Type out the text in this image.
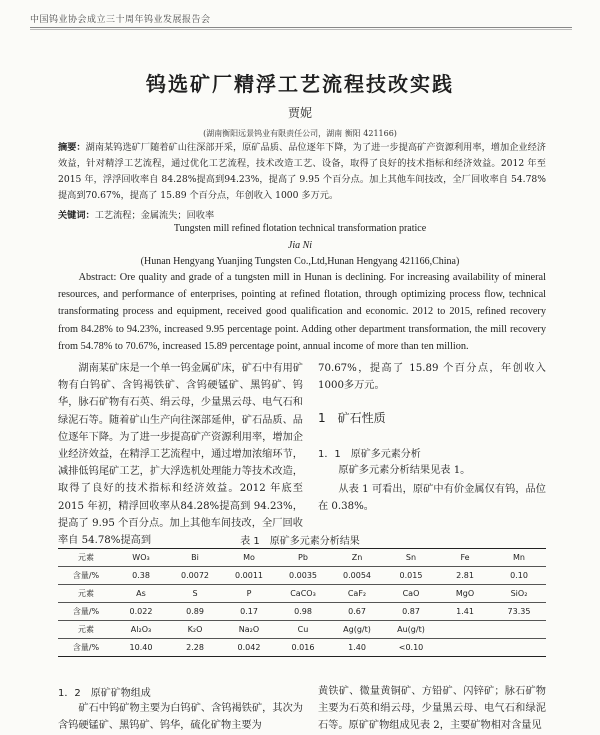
中国钨业协会成立三十周年钨业发展报告会
钨选矿厂精浮工艺流程技改实践
贾妮
(湖南衡阳远景钨业有限责任公司，湖南 衡阳 421166)
摘要：湖南某钨选矿厂随着矿山往深部开采，原矿品质、品位逐年下降，为了进一步提高矿产资源利用率，增加企业经济效益，针对精浮工艺流程，通过优化工艺流程，技术改造工艺、设备，取得了良好的技术指标和经济效益。2012 年至 2015 年，浮浮回收率自 84.28%提高到94.23%，提高了 9.95 个百分点。加上其他车间技改，全厂回收率自 54.78%提高到70.67%，提高了 15.89 个百分点，年创收入 1000 多万元。
关键词：工艺流程；金属流失；回收率
Tungsten mill refined flotation technical transformation pratice
Jia Ni
(Hunan Hengyang Yuanjing Tungsten Co.,Ltd,Hunan Hengyang 421166,China)
Abstract: Ore quality and grade of a tungsten mill in Hunan is declining. For increasing availability of mineral resources, and performance of enterprises, pointing at refined flotation, through optimizing process flow, technical transformating process and equipment, received good qualification and economic. 2012 to 2015, refined recovery from 84.28% to 94.23%, increased 9.95 percentage point. Adding other department transformation, the mill recovery from 54.78% to 70.67%, increased 15.89 percentage point, annual income of more than ten million.
湖南某矿床是一个单一钨金属矿床，矿石中有用矿物有白钨矿、含钨褐铁矿、含钨硬锰矿、黑钨矿、钨华，脉石矿物有石英、绢云母，少量黑云母、电气石和绿泥石等。随着矿山生产向往深部延伸，矿石品质、品位逐年下降。为了进一步提高矿产资源利用率，增加企业经济效益，在精浮工艺流程中，通过增加浓缩环节，减排低钨尾矿工艺，扩大浮选机处理能力等技术改造，取得了良好的技术指标和经济效益。2012 年底至 2015 年初，精浮回收率从84.28%提高到 94.23%，提高了 9.95 个百分点。加上其他车间技改，全厂回收率自 54.78%提高到
70.67%，提高了 15.89 个百分点，年创收入 1000多万元。
1　矿石性质
1．1　原矿多元素分析
原矿多元素分析结果见表 1。
从表 1 可看出，原矿中有价金属仅有钨，品位在 0.38%。
表 1　原矿多元素分析结果
元素	WO₃	Bi	Mo	Pb	Zn	Sn	Fe	Mn
含量/%	0.38	0.0072	0.0011	0.0035	0.0054	0.015	2.81	0.10
元素	As	S	P	CaCO₃	CaF₂	CaO	MgO	SiO₂
含量/%	0.022	0.89	0.17	0.98	0.67	0.87	1.41	73.35
元素	Al₂O₃	K₂O	Na₂O	Cu	Ag(g/t)	Au(g/t)		
含量/%	10.40	2.28	0.042	0.016	1.40	<0.10		
1．2　原矿矿物组成
矿石中钨矿物主要为白钨矿、含钨褐铁矿，其次为含钨硬锰矿、黑钨矿、钨华，硫化矿物主要为
黄铁矿、微量黄铜矿、方铅矿、闪锌矿；脉石矿物主要为石英和绢云母，少量黑云母、电气石和绿泥石等。原矿矿物组成见表 2，主要矿物相对含量见
